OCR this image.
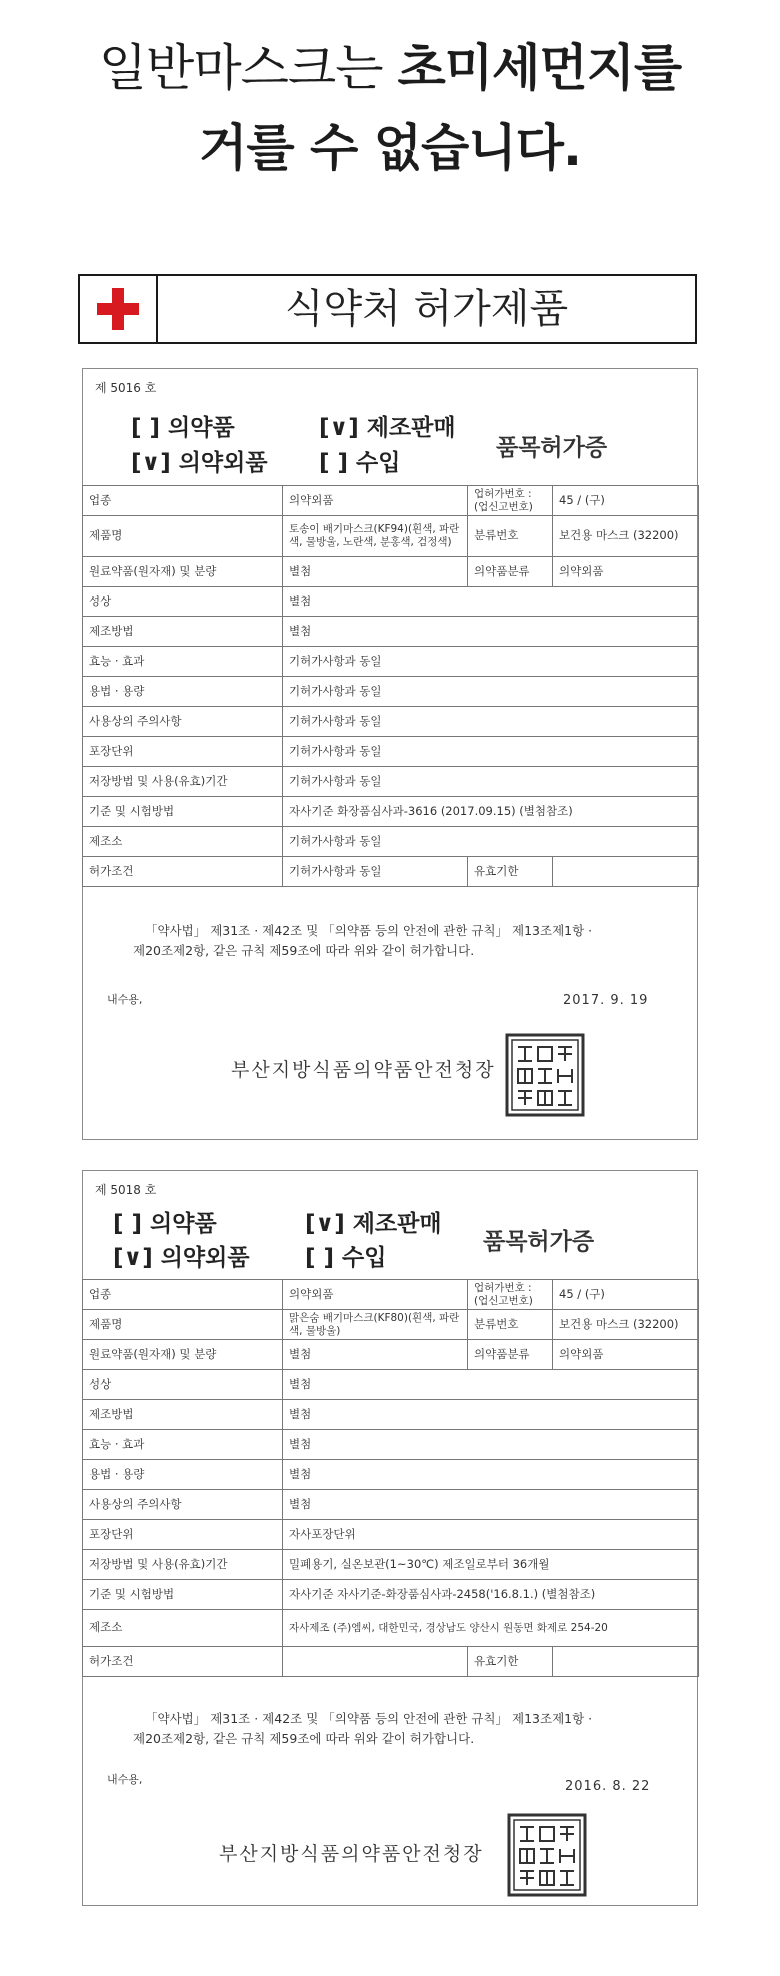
일반마스크는 초미세먼지를
거를 수 없습니다.
식약처 허가제품
제 5016 호
[ ] 의약품	[∨] 제조판매
[∨] 의약외품 [ ] 수입
품목허가증
업종	의약외품	업허가번호 : (업신고번호)	45 / (구)
제품명	토송이 배기마스크(KF94)(흰색, 파란색, 물방울, 노란색, 분홍색, 검정색)	분류번호	보건용 마스크 (32200)
원료약품(원자재) 및 분량	별첨	의약품분류	의약외품
성상	별첨		
제조방법	별첨		
효능 · 효과	기허가사항과 동일		
용법 · 용량	기허가사항과 동일		
사용상의 주의사항	기허가사항과 동일		
포장단위	기허가사항과 동일		
저장방법 및 사용(유효)기간	기허가사항과 동일		
기준 및 시험방법	자사기준 화장품심사과-3616 (2017.09.15) (별첨참조)		
제조소	기허가사항과 동일		
허가조건	기허가사항과 동일	유효기한	
「약사법」 제31조 · 제42조 및 「의약품 등의 안전에 관한 규칙」 제13조제1항 ·
제20조제2항, 같은 규칙 제59조에 따라 위와 같이 허가합니다.
내수용,	2017. 9. 19
부산지방식품의약품안전청장
제 5018 호
[ ] 의약품	[∨] 제조판매
[∨] 의약외품 [ ] 수입
품목허가증
업종	의약외품	업허가번호 : (업신고번호)	45 / (구)
제품명	맑은숨 배기마스크(KF80)(흰색, 파란색, 물방울)	분류번호	보건용 마스크 (32200)
원료약품(원자재) 및 분량	별첨	의약품분류	의약외품
성상	별첨		
제조방법	별첨		
효능 · 효과	별첨		
용법 · 용량	별첨		
사용상의 주의사항	별첨		
포장단위	자사포장단위		
저장방법 및 사용(유효)기간	밀폐용기, 실온보관(1~30℃) 제조일로부터 36개월		
기준 및 시험방법	자사기준 자사기준-화장품심사과-2458('16.8.1.) (별첨참조)		
제조소	자사제조 (주)엠씨, 대한민국, 경상남도 양산시 원동면 화제로 254-20		
허가조건		유효기한	
「약사법」 제31조 · 제42조 및 「의약품 등의 안전에 관한 규칙」 제13조제1항 ·
제20조제2항, 같은 규칙 제59조에 따라 위와 같이 허가합니다.
내수용,	2016. 8. 22
부산지방식품의약품안전청장
